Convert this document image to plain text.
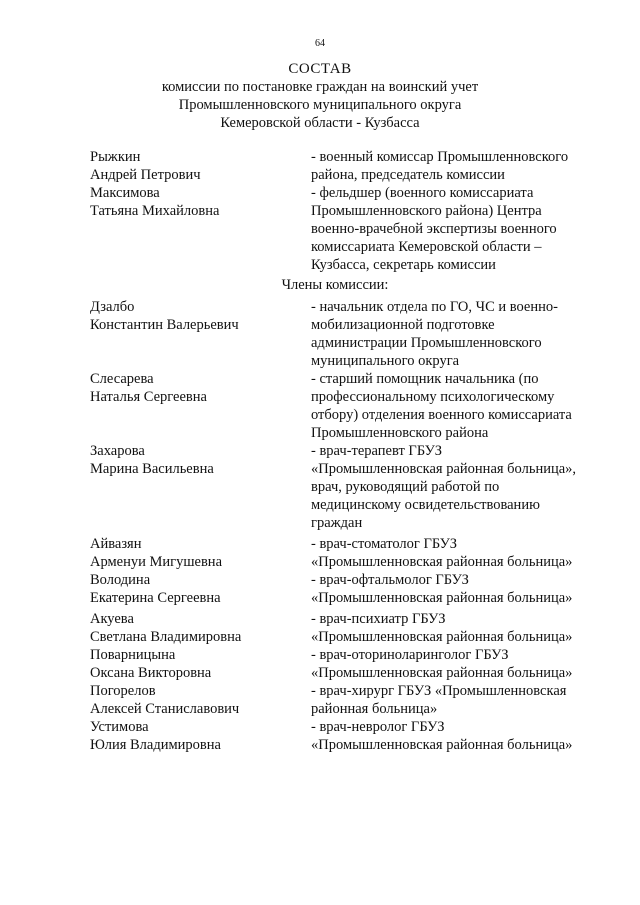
64
СОСТАВ
комиссии по постановке граждан на воинский учет
Промышленновского муниципального округа
Кемеровской области - Кузбасса
Рыжкин
Андрей Петрович
- военный комиссар Промышленновского
района, председатель комиссии
Максимова
Татьяна Михайловна
- фельдшер (военного комиссариата
Промышленновского района) Центра
военно-врачебной экспертизы военного
комиссариата Кемеровской области –
Кузбасса, секретарь комиссии
Члены комиссии:
Дзалбо
Константин Валерьевич
- начальник отдела по ГО, ЧС и военно-
мобилизационной подготовке
администрации Промышленновского
муниципального округа
Слесарева
Наталья Сергеевна
- старший помощник начальника (по
профессиональному психологическому
отбору) отделения военного комиссариата
Промышленновского района
Захарова
Марина Васильевна
- врач-терапевт ГБУЗ
«Промышленновская районная больница»,
врач, руководящий работой по
медицинскому освидетельствованию
граждан
Айвазян
Арменуи Мигушевна
- врач-стоматолог ГБУЗ
«Промышленновская районная больница»
Володина
Екатерина Сергеевна
- врач-офтальмолог ГБУЗ
«Промышленновская районная больница»
Акуева
Светлана Владимировна
- врач-психиатр ГБУЗ
«Промышленновская районная больница»
Поварницына
Оксана Викторовна
- врач-оториноларинголог ГБУЗ
«Промышленновская районная больница»
Погорелов
Алексей Станиславович
- врач-хирург ГБУЗ «Промышленновская
районная больница»
Устимова
Юлия Владимировна
- врач-невролог ГБУЗ
«Промышленновская районная больница»
